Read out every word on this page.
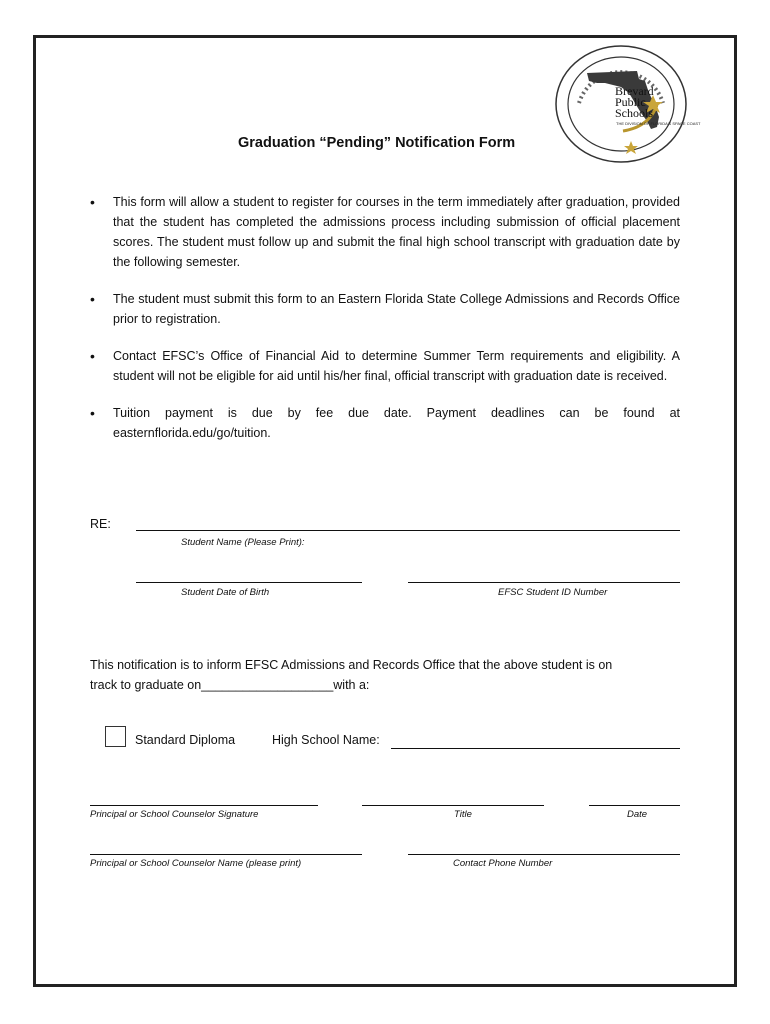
Brevard
Public
Schools
THE DIVISION OF FLORIDA'S SPACE COAST
Graduation “Pending” Notification Form
• This form will allow a student to register for courses in the term immediately after graduation, provided that the student has completed the admissions process including submission of official placement scores. The student must follow up and submit the final high school transcript with graduation date by the following semester.
• The student must submit this form to an Eastern Florida State College Admissions and Records Office prior to registration.
• Contact EFSC’s Office of Financial Aid to determine Summer Term requirements and eligibility. A student will not be eligible for aid until his/her final, official transcript with graduation date is received.
• Tuition payment is due by fee due date. Payment deadlines can be found at easternflorida.edu/go/tuition.
RE:
Student Name (Please Print):
Student Date of Birth	EFSC Student ID Number
This notification is to inform EFSC Admissions and Records Office that the above student is on
track to graduate on___________________with a:
Standard Diploma	High School Name:
Principal or School Counselor Signature	Title	Date
Principal or School Counselor Name (please print)	Contact Phone Number
